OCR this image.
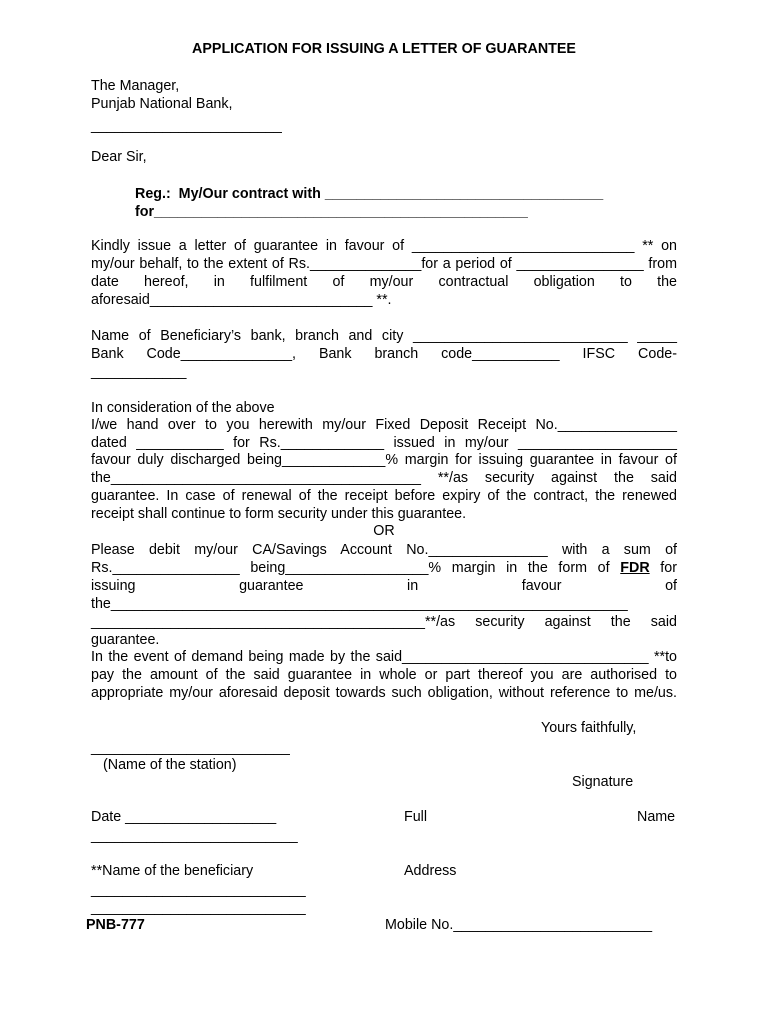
APPLICATION FOR ISSUING A LETTER OF GUARANTEE
The Manager,
Punjab National Bank,
________________________
Dear Sir,
Reg.:  My/Our contract with ___________________________________
for_______________________________________________
Kindly issue a letter of guarantee in favour of ____________________________ ** on
my/our behalf, to the extent of Rs.______________for a period of ________________ from
date hereof, in fulfilment of my/our contractual obligation to the
aforesaid____________________________ **.
Name of Beneficiary’s bank, branch and city ___________________________ _____
Bank Code______________, Bank branch code___________ IFSC Code-
____________
In consideration of the above
I/we hand over to you herewith my/our Fixed Deposit Receipt No._______________
dated ___________ for Rs._____________ issued in my/our ____________________
favour duly discharged being_____________% margin for issuing guarantee in favour of
the_______________________________________ **/as security against the said
guarantee. In case of renewal of the receipt before expiry of the contract, the renewed
receipt shall continue to form security under this guarantee.
OR
Please debit my/our CA/Savings Account No._______________ with a sum of
Rs.________________ being__________________% margin in the form of FDR for
issuing guarantee in favour of
the_________________________________________________________________
__________________________________________**/as security against the said
guarantee.
In the event of demand being made by the said_______________________________ **to
pay the amount of the said guarantee in whole or part thereof you are authorised to
appropriate my/our aforesaid deposit towards such obligation, without reference to me/us.
Yours faithfully,
_________________________
(Name of the station)
Signature
Date ___________________	Full	Name
__________________________
**Name of the beneficiary	Address
___________________________
___________________________
PNB-777	Mobile No._________________________
